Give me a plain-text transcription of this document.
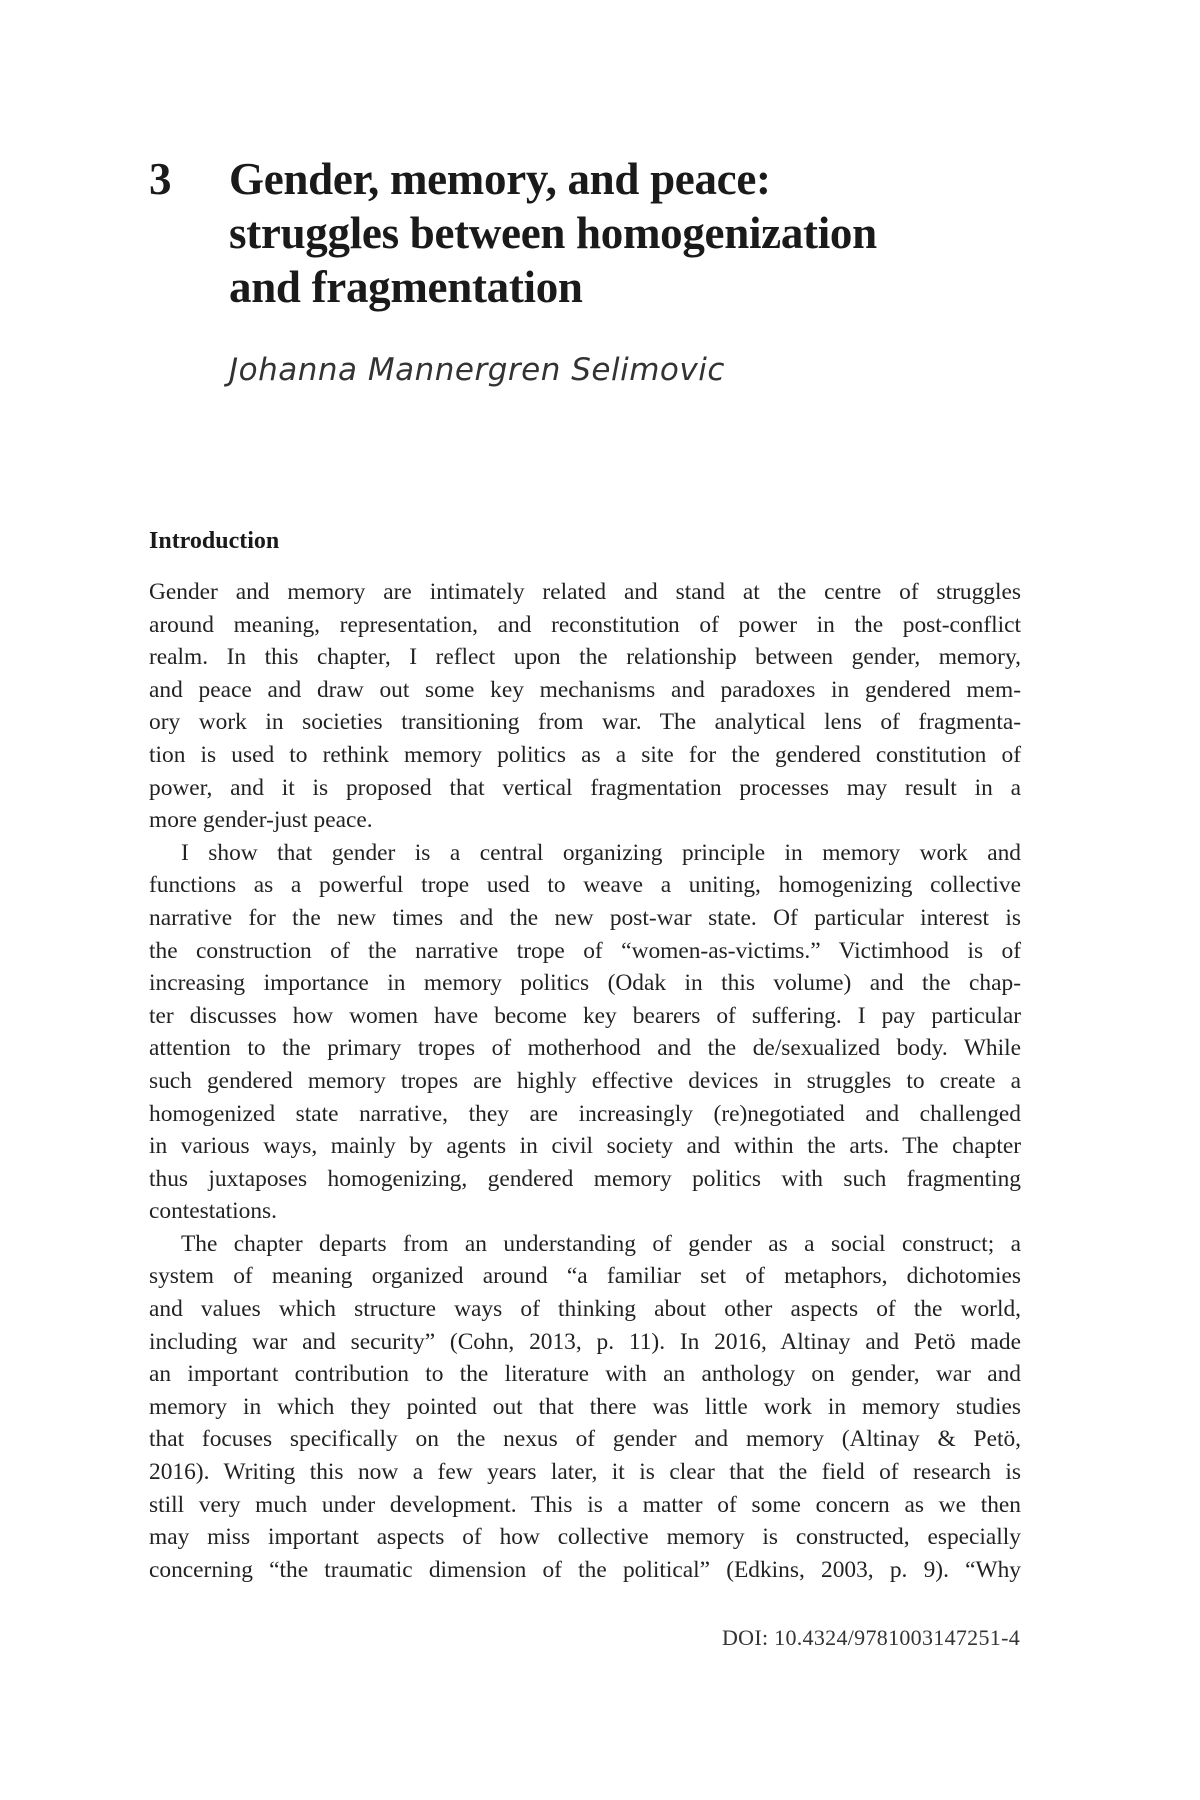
3 Gender, memory, and peace:
struggles between homogenization
and fragmentation
Johanna Mannergren Selimovic
Introduction
Gender and memory are intimately related and stand at the centre of struggles
around meaning, representation, and reconstitution of power in the post-conflict
realm. In this chapter, I reflect upon the relationship between gender, memory,
and peace and draw out some key mechanisms and paradoxes in gendered mem-
ory work in societies transitioning from war. The analytical lens of fragmenta-
tion is used to rethink memory politics as a site for the gendered constitution of
power, and it is proposed that vertical fragmentation processes may result in a
more gender-just peace.
I show that gender is a central organizing principle in memory work and
functions as a powerful trope used to weave a uniting, homogenizing collective
narrative for the new times and the new post-war state. Of particular interest is
the construction of the narrative trope of “women-as-victims.” Victimhood is of
increasing importance in memory politics (Odak in this volume) and the chap-
ter discusses how women have become key bearers of suffering. I pay particular
attention to the primary tropes of motherhood and the de/sexualized body. While
such gendered memory tropes are highly effective devices in struggles to create a
homogenized state narrative, they are increasingly (re)negotiated and challenged
in various ways, mainly by agents in civil society and within the arts. The chapter
thus juxtaposes homogenizing, gendered memory politics with such fragmenting
contestations.
The chapter departs from an understanding of gender as a social construct; a
system of meaning organized around “a familiar set of metaphors, dichotomies
and values which structure ways of thinking about other aspects of the world,
including war and security” (Cohn, 2013, p. 11). In 2016, Altinay and Petö made
an important contribution to the literature with an anthology on gender, war and
memory in which they pointed out that there was little work in memory studies
that focuses specifically on the nexus of gender and memory (Altinay & Petö,
2016). Writing this now a few years later, it is clear that the field of research is
still very much under development. This is a matter of some concern as we then
may miss important aspects of how collective memory is constructed, especially
concerning “the traumatic dimension of the political” (Edkins, 2003, p. 9). “Why
DOI: 10.4324/9781003147251-4
